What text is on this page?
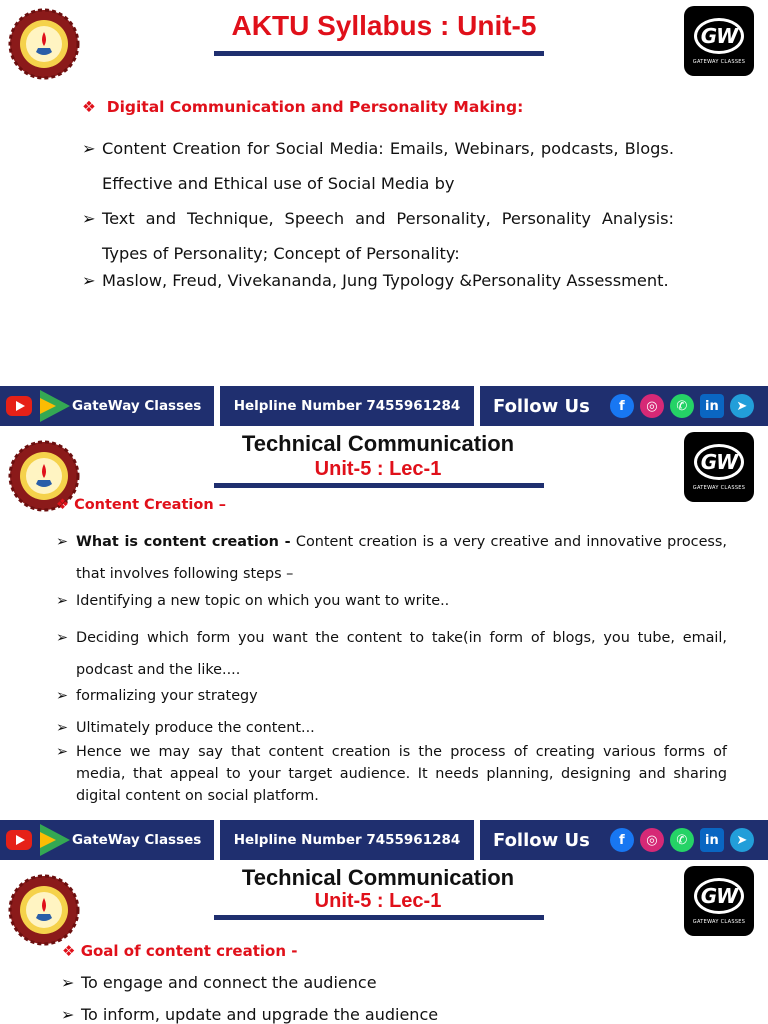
AKTU Syllabus : Unit-5	GW
GATEWAY CLASSES
❖ Digital Communication and Personality Making:
➢ Content Creation for Social Media: Emails, Webinars, podcasts, Blogs. Effective and Ethical use of Social Media by
➢ Text and Technique, Speech and Personality, Personality Analysis: Types of Personality; Concept of Personality:
➢ Maslow, Freud, Vivekananda, Jung Typology &Personality Assessment.
GateWay Classes Helpline Number 7455961284 Follow Us	f	◎	✆	in	➤
Technical Communication
Unit-5 : Lec-1	GW
GATEWAY CLASSES
❖ Content Creation –
➢ What is content creation - Content creation is a very creative and innovative process, that involves following steps –
➢ Identifying a new topic on which you want to write..
➢ Deciding which form you want the content to take(in form of blogs, you tube, email, podcast and the like....
➢ formalizing your strategy
➢ Ultimately produce the content...
➢ Hence we may say that content creation is the process of creating various forms of media, that appeal to your target audience. It needs planning, designing and sharing digital content on social platform.
GateWay Classes Helpline Number 7455961284 Follow Us	f	◎	✆	in	➤
Technical Communication
Unit-5 : Lec-1	GW
GATEWAY CLASSES
❖ Goal of content creation -
➢ To engage and connect the audience
➢ To inform, update and upgrade the audience
